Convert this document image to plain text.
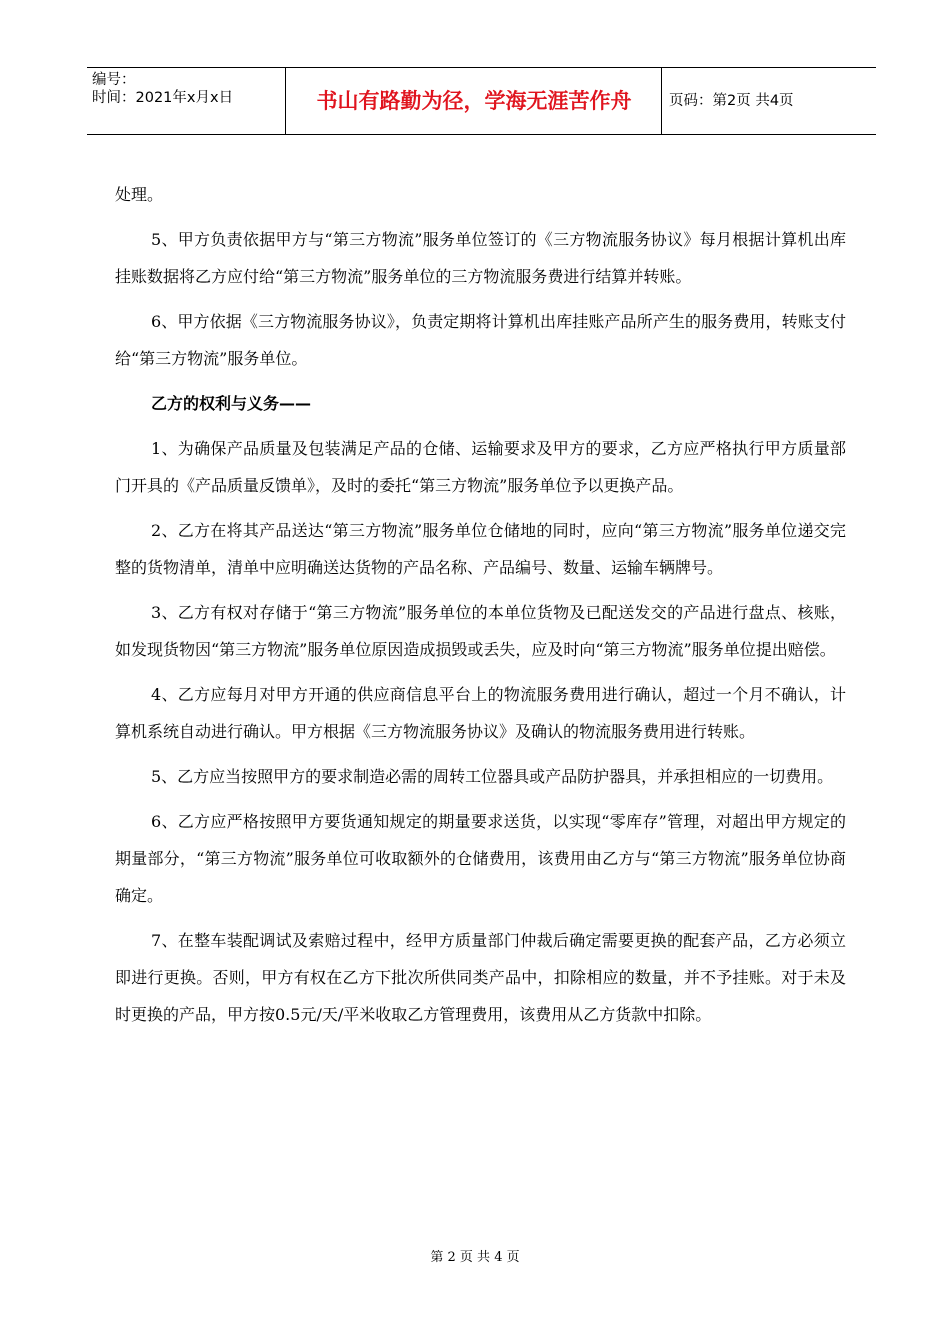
编号：
时间：2021年x月x日	书山有路勤为径，学海无涯苦作舟	页码：第2页 共4页

处理。

5、甲方负责依据甲方与“第三方物流”服务单位签订的《三方物流服务协议》每月根据计算机出库挂账数据将乙方应付给“第三方物流”服务单位的三方物流服务费进行结算并转账。

6、甲方依据《三方物流服务协议》，负责定期将计算机出库挂账产品所产生的服务费用，转账支付给“第三方物流”服务单位。

乙方的权利与义务——

1、为确保产品质量及包装满足产品的仓储、运输要求及甲方的要求，乙方应严格执行甲方质量部门开具的《产品质量反馈单》，及时的委托“第三方物流”服务单位予以更换产品。

2、乙方在将其产品送达“第三方物流”服务单位仓储地的同时，应向“第三方物流”服务单位递交完整的货物清单，清单中应明确送达货物的产品名称、产品编号、数量、运输车辆牌号。

3、乙方有权对存储于“第三方物流”服务单位的本单位货物及已配送发交的产品进行盘点、核账，如发现货物因“第三方物流”服务单位原因造成损毁或丢失，应及时向“第三方物流”服务单位提出赔偿。

4、乙方应每月对甲方开通的供应商信息平台上的物流服务费用进行确认，超过一个月不确认，计算机系统自动进行确认。甲方根据《三方物流服务协议》及确认的物流服务费用进行转账。

5、乙方应当按照甲方的要求制造必需的周转工位器具或产品防护器具，并承担相应的一切费用。

6、乙方应严格按照甲方要货通知规定的期量要求送货，以实现“零库存”管理，对超出甲方规定的期量部分，“第三方物流”服务单位可收取额外的仓储费用，该费用由乙方与“第三方物流”服务单位协商确定。

7、在整车装配调试及索赔过程中，经甲方质量部门仲裁后确定需要更换的配套产品，乙方必须立即进行更换。否则，甲方有权在乙方下批次所供同类产品中，扣除相应的数量，并不予挂账。对于未及时更换的产品，甲方按0.5元/天/平米收取乙方管理费用，该费用从乙方货款中扣除。

第 2 页 共 4 页
